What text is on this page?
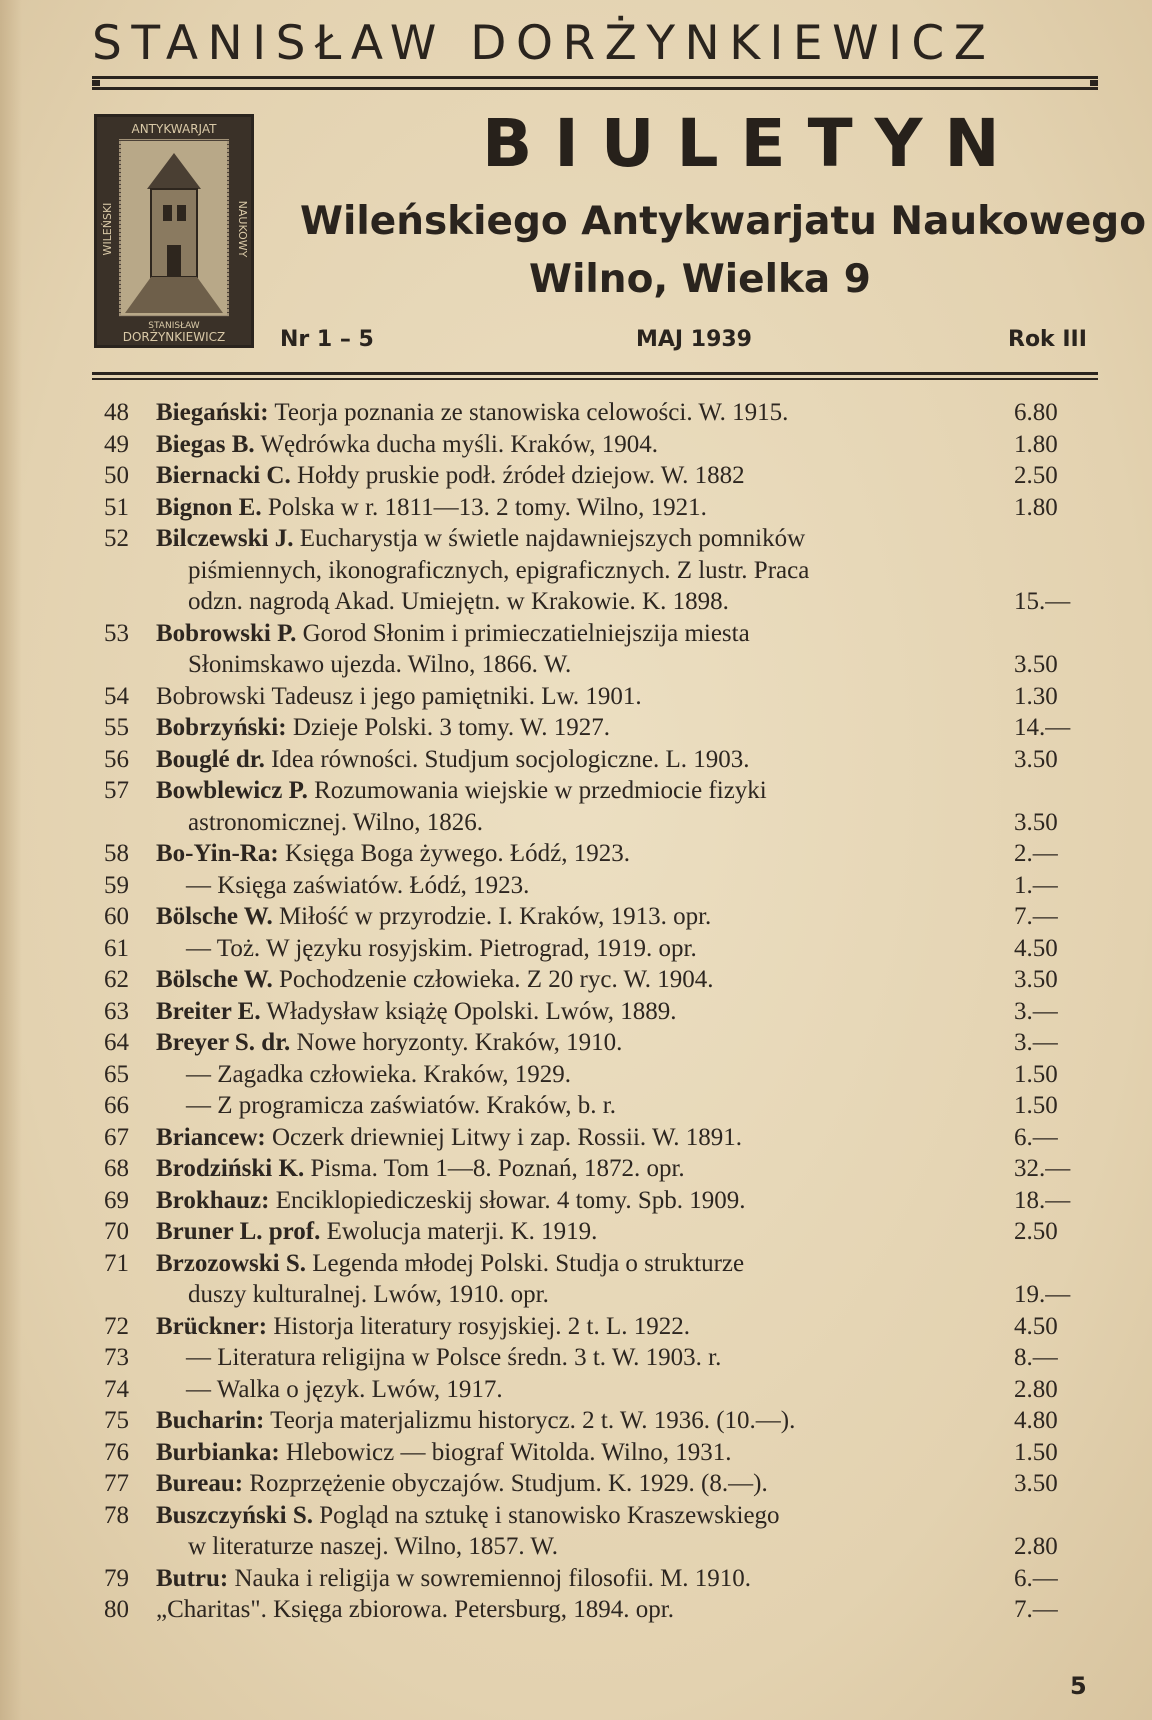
STANISŁAW DORŻYNKIEWICZ
ANTYKWARJAT
WILEŃSKI	NAUKOWY
STANISŁAW
DORŻYNKIEWICZ
BIULETYN
Wileńskiego Antykwarjatu Naukowego
Wilno, Wielka 9
Nr 1 – 5	MAJ 1939	Rok III
48	Biegański: Teorja poznania ze stanowiska celowości. W. 1915.	6.80
49	Biegas B. Wędrówka ducha myśli. Kraków, 1904.	1.80
50	Biernacki C. Hołdy pruskie podł. źródeł dziejow. W. 1882	2.50
51	Bignon E. Polska w r. 1811—13. 2 tomy. Wilno, 1921.	1.80
52	Bilczewski J. Eucharystja w świetle najdawniejszych pomników
piśmiennych, ikonograficznych, epigraficznych. Z lustr. Praca
odzn. nagrodą Akad. Umiejętn. w Krakowie. K. 1898.	15.—
53	Bobrowski P. Gorod Słonim i primieczatielniejszija miesta
Słonimskawo ujezda. Wilno, 1866. W.	3.50
54	Bobrowski Tadeusz i jego pamiętniki. Lw. 1901.	1.30
55	Bobrzyński: Dzieje Polski. 3 tomy. W. 1927.	14.—
56	Bouglé dr. Idea równości. Studjum socjologiczne. L. 1903.	3.50
57	Bowblewicz P. Rozumowania wiejskie w przedmiocie fizyki
astronomicznej. Wilno, 1826.	3.50
58	Bo-Yin-Ra: Księga Boga żywego. Łódź, 1923.	2.—
59	— Księga zaświatów. Łódź, 1923.	1.—
60	Bölsche W. Miłość w przyrodzie. I. Kraków, 1913. opr.	7.—
61	— Toż. W języku rosyjskim. Pietrograd, 1919. opr.	4.50
62	Bölsche W. Pochodzenie człowieka. Z 20 ryc. W. 1904.	3.50
63	Breiter E. Władysław książę Opolski. Lwów, 1889.	3.—
64	Breyer S. dr. Nowe horyzonty. Kraków, 1910.	3.—
65	— Zagadka człowieka. Kraków, 1929.	1.50
66	— Z programicza zaświatów. Kraków, b. r.	1.50
67	Briancew: Oczerk driewniej Litwy i zap. Rossii. W. 1891.	6.—
68	Brodziński K. Pisma. Tom 1—8. Poznań, 1872. opr.	32.—
69	Brokhauz: Enciklopiediczeskij słowar. 4 tomy. Spb. 1909.	18.—
70	Bruner L. prof. Ewolucja materji. K. 1919.	2.50
71	Brzozowski S. Legenda młodej Polski. Studja o strukturze
duszy kulturalnej. Lwów, 1910. opr.	19.—
72	Brückner: Historja literatury rosyjskiej. 2 t. L. 1922.	4.50
73	— Literatura religijna w Polsce średn. 3 t. W. 1903. r.	8.—
74	— Walka o język. Lwów, 1917.	2.80
75	Bucharin: Teorja materjalizmu historycz. 2 t. W. 1936. (10.—).	4.80
76	Burbianka: Hlebowicz — biograf Witolda. Wilno, 1931.	1.50
77	Bureau: Rozprzężenie obyczajów. Studjum. K. 1929. (8.—).	3.50
78	Buszczyński S. Pogląd na sztukę i stanowisko Kraszewskiego
w literaturze naszej. Wilno, 1857. W.	2.80
79	Butru: Nauka i religija w sowremiennoj filosofii. M. 1910.	6.—
80	„Charitas". Księga zbiorowa. Petersburg, 1894. opr.	7.—
5
